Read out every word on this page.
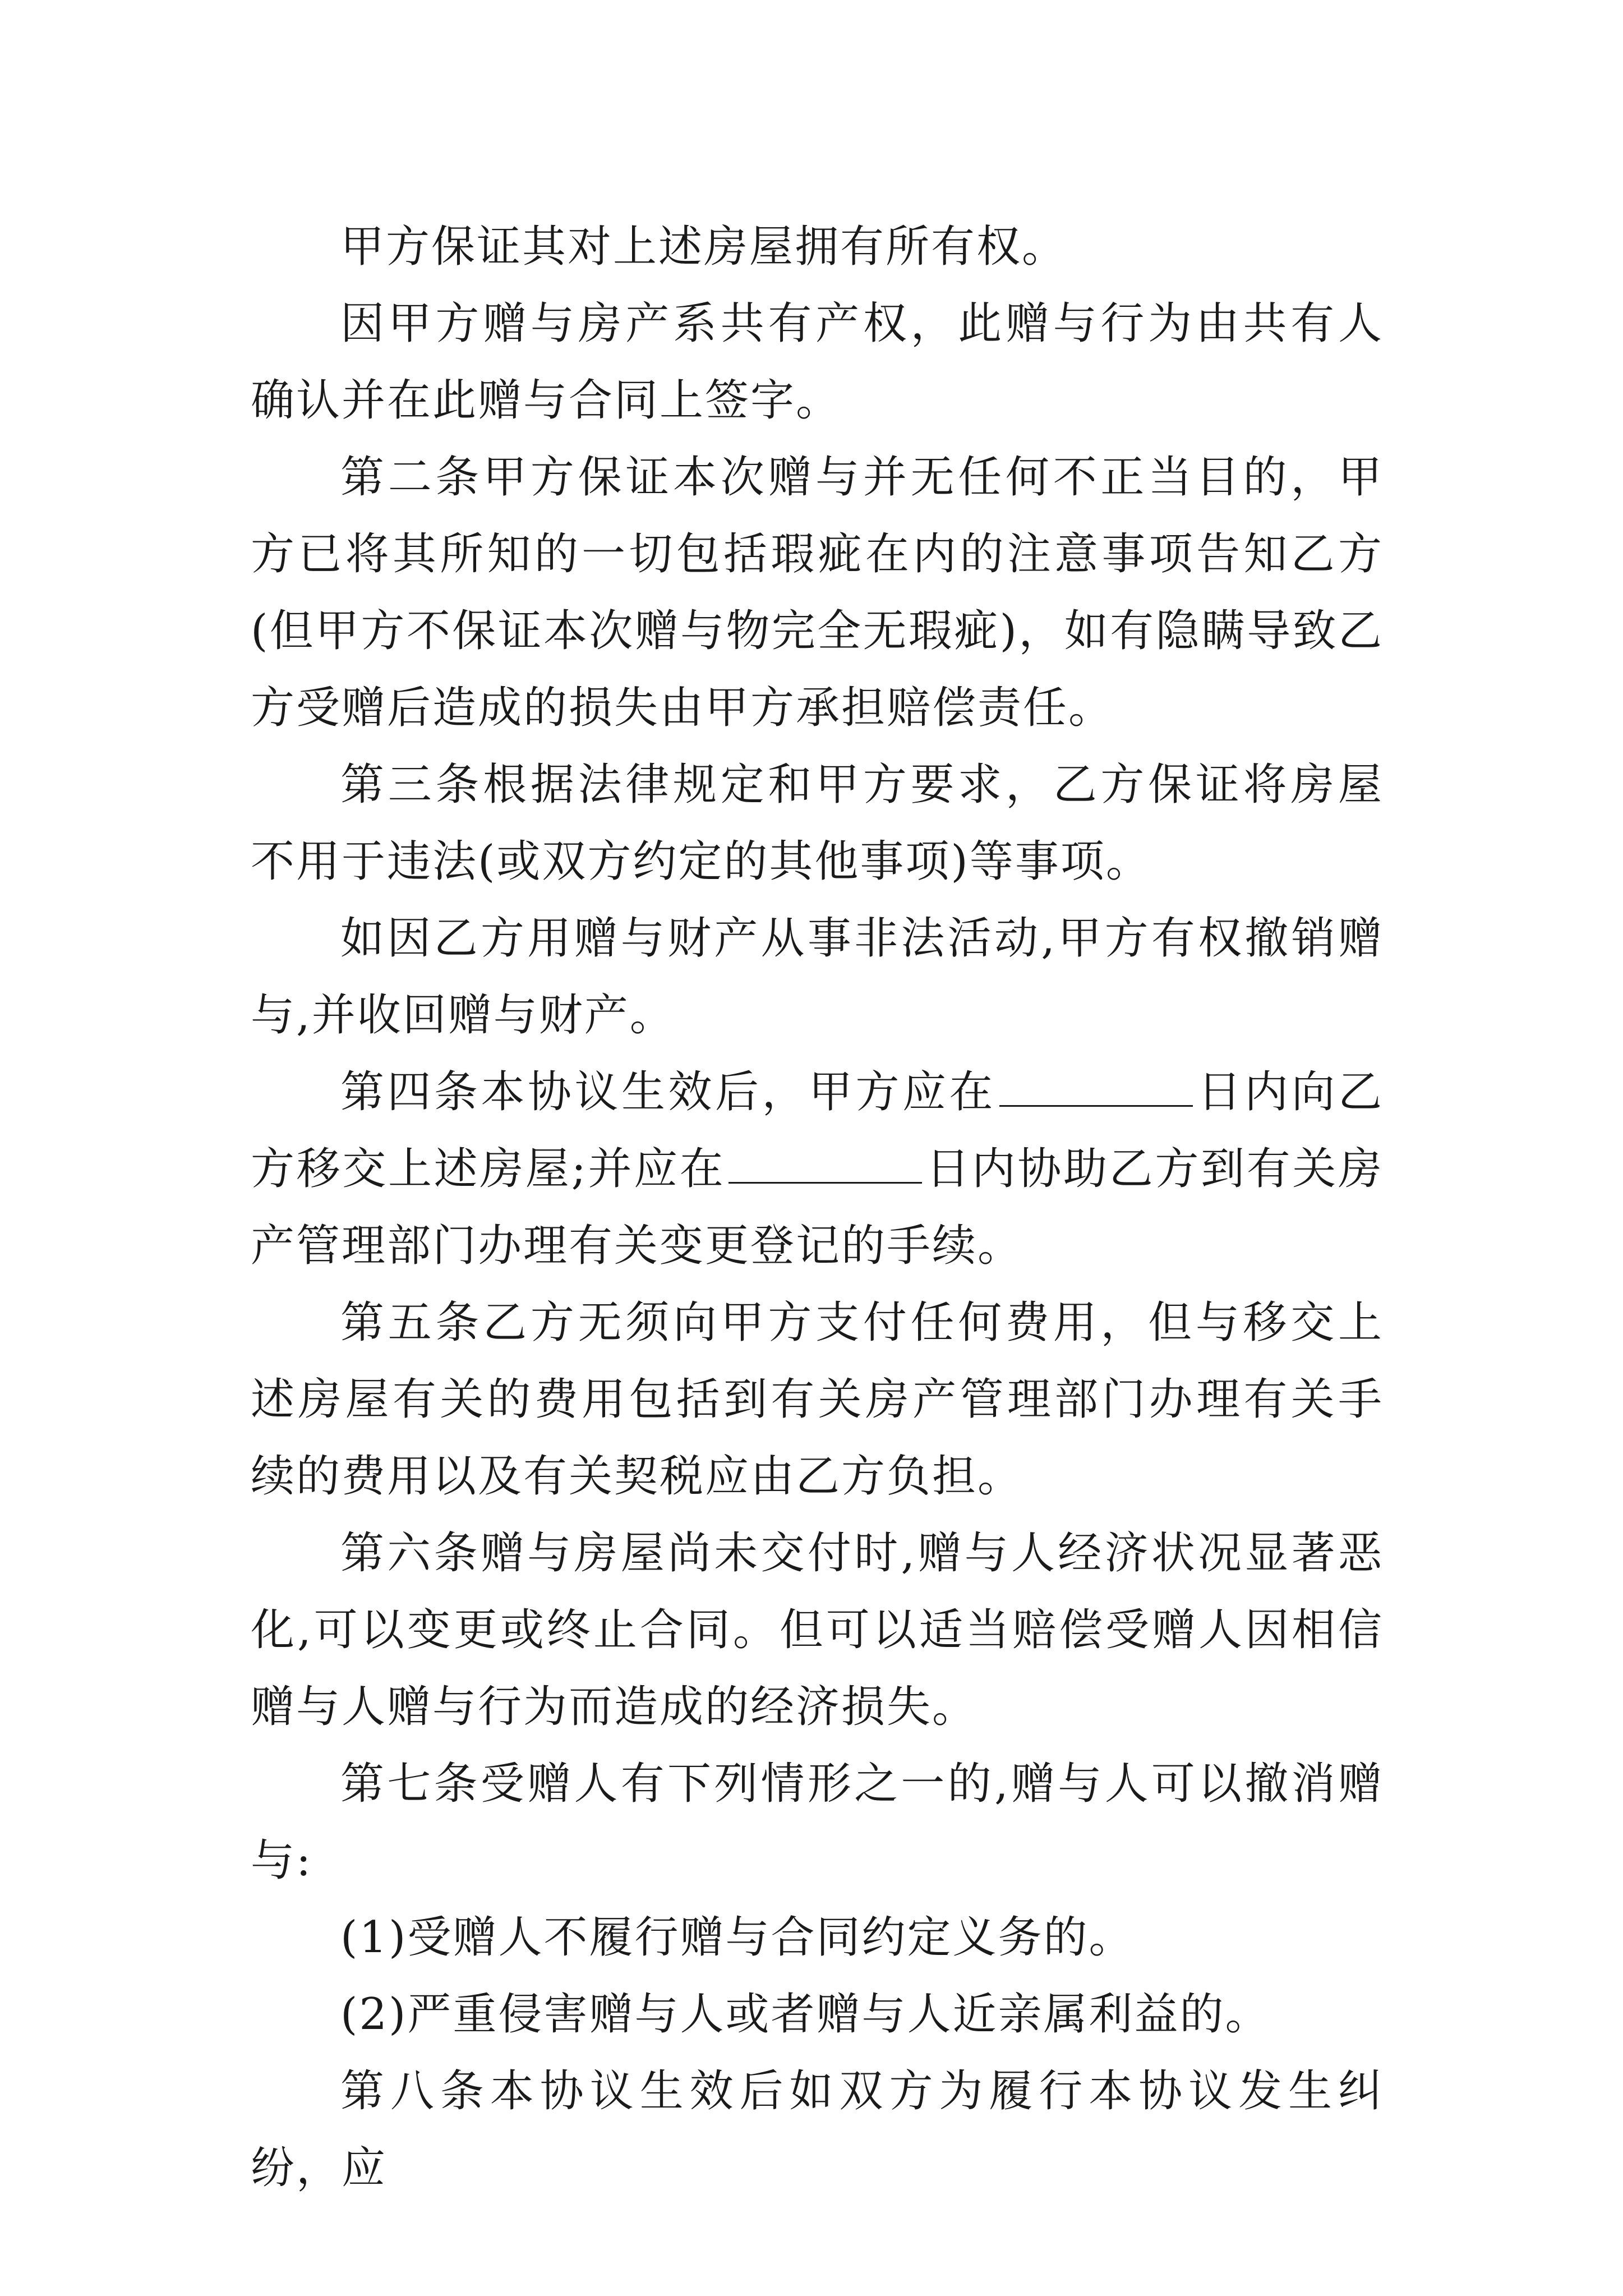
甲方保证其对上述房屋拥有所有权。

因甲方赠与房产系共有产权，此赠与行为由共有人确认并在此赠与合同上签字。

第二条甲方保证本次赠与并无任何不正当目的，甲方已将其所知的一切包括瑕疵在内的注意事项告知乙方(但甲方不保证本次赠与物完全无瑕疵)，如有隐瞒导致乙方受赠后造成的损失由甲方承担赔偿责任。

第三条根据法律规定和甲方要求，乙方保证将房屋不用于违法(或双方约定的其他事项)等事项。

如因乙方用赠与财产从事非法活动,甲方有权撤销赠与,并收回赠与财产。

第四条本协议生效后，甲方应在	日内向乙方移交上述房屋;并应在	日内协助乙方到有关房产管理部门办理有关变更登记的手续。

第五条乙方无须向甲方支付任何费用，但与移交上述房屋有关的费用包括到有关房产管理部门办理有关手续的费用以及有关契税应由乙方负担。

第六条赠与房屋尚未交付时,赠与人经济状况显著恶化,可以变更或终止合同。但可以适当赔偿受赠人因相信赠与人赠与行为而造成的经济损失。

第七条受赠人有下列情形之一的,赠与人可以撤消赠与:

(1)受赠人不履行赠与合同约定义务的。

(2)严重侵害赠与人或者赠与人近亲属利益的。

第八条本协议生效后如双方为履行本协议发生纠纷，应
